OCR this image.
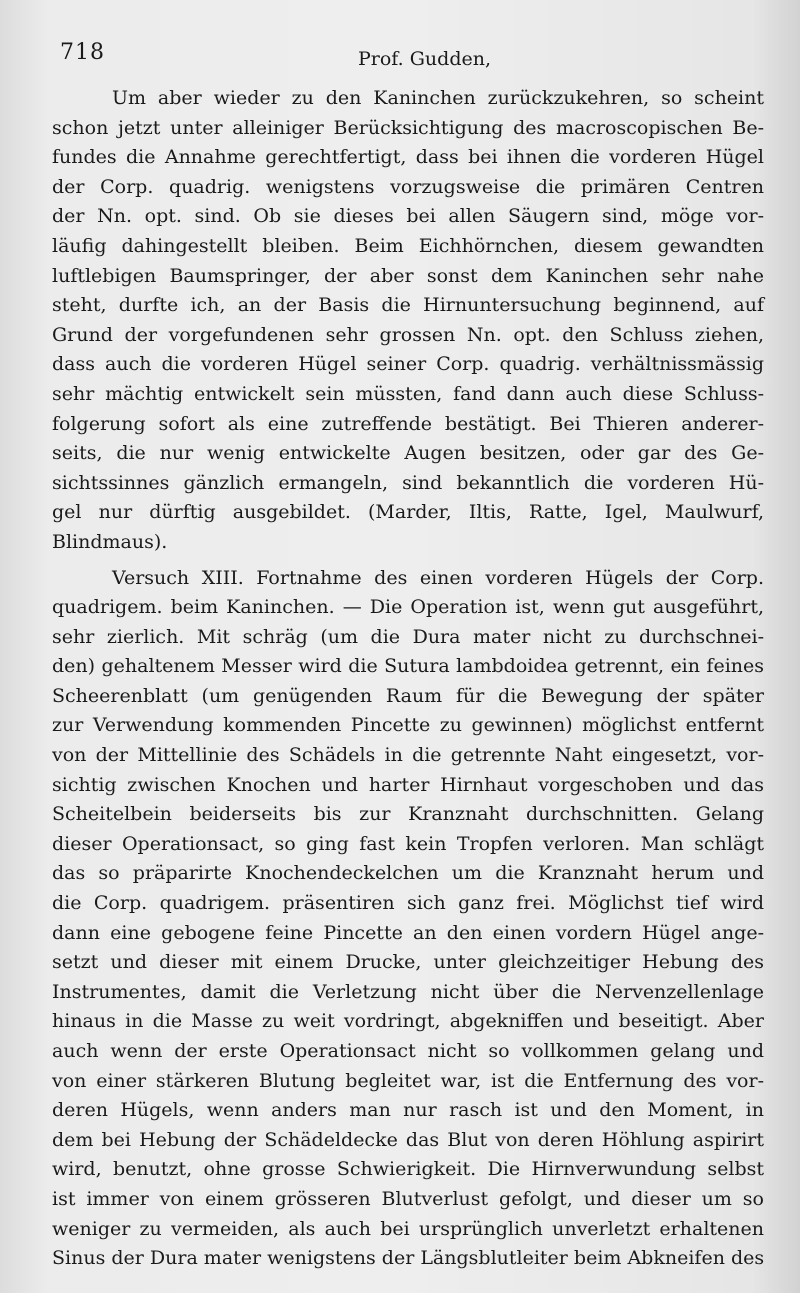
718	Prof. Gudden,
Um aber wieder zu den Kaninchen zurückzukehren, so scheint
schon jetzt unter alleiniger Berücksichtigung des macroscopischen Be-
fundes die Annahme gerechtfertigt, dass bei ihnen die vorderen Hügel
der Corp. quadrig. wenigstens vorzugsweise die primären Centren
der Nn. opt. sind. Ob sie dieses bei allen Säugern sind, möge vor-
läufig dahingestellt bleiben. Beim Eichhörnchen, diesem gewandten
luftlebigen Baumspringer, der aber sonst dem Kaninchen sehr nahe
steht, durfte ich, an der Basis die Hirnuntersuchung beginnend, auf
Grund der vorgefundenen sehr grossen Nn. opt. den Schluss ziehen,
dass auch die vorderen Hügel seiner Corp. quadrig. verhältnissmässig
sehr mächtig entwickelt sein müssten, fand dann auch diese Schluss-
folgerung sofort als eine zutreffende bestätigt. Bei Thieren anderer-
seits, die nur wenig entwickelte Augen besitzen, oder gar des Ge-
sichtssinnes gänzlich ermangeln, sind bekanntlich die vorderen Hü-
gel nur dürftig ausgebildet. (Marder, Iltis, Ratte, Igel, Maulwurf,
Blindmaus).
Versuch XIII. Fortnahme des einen vorderen Hügels der Corp.
quadrigem. beim Kaninchen. — Die Operation ist, wenn gut ausgeführt,
sehr zierlich. Mit schräg (um die Dura mater nicht zu durchschnei-
den) gehaltenem Messer wird die Sutura lambdoidea getrennt, ein feines
Scheerenblatt (um genügenden Raum für die Bewegung der später
zur Verwendung kommenden Pincette zu gewinnen) möglichst entfernt
von der Mittellinie des Schädels in die getrennte Naht eingesetzt, vor-
sichtig zwischen Knochen und harter Hirnhaut vorgeschoben und das
Scheitelbein beiderseits bis zur Kranznaht durchschnitten. Gelang
dieser Operationsact, so ging fast kein Tropfen verloren. Man schlägt
das so präparirte Knochendeckelchen um die Kranznaht herum und
die Corp. quadrigem. präsentiren sich ganz frei. Möglichst tief wird
dann eine gebogene feine Pincette an den einen vordern Hügel ange-
setzt und dieser mit einem Drucke, unter gleichzeitiger Hebung des
Instrumentes, damit die Verletzung nicht über die Nervenzellenlage
hinaus in die Masse zu weit vordringt, abgekniffen und beseitigt. Aber
auch wenn der erste Operationsact nicht so vollkommen gelang und
von einer stärkeren Blutung begleitet war, ist die Entfernung des vor-
deren Hügels, wenn anders man nur rasch ist und den Moment, in
dem bei Hebung der Schädeldecke das Blut von deren Höhlung aspirirt
wird, benutzt, ohne grosse Schwierigkeit. Die Hirnverwundung selbst
ist immer von einem grösseren Blutverlust gefolgt, und dieser um so
weniger zu vermeiden, als auch bei ursprünglich unverletzt erhaltenen
Sinus der Dura mater wenigstens der Längsblutleiter beim Abkneifen des
